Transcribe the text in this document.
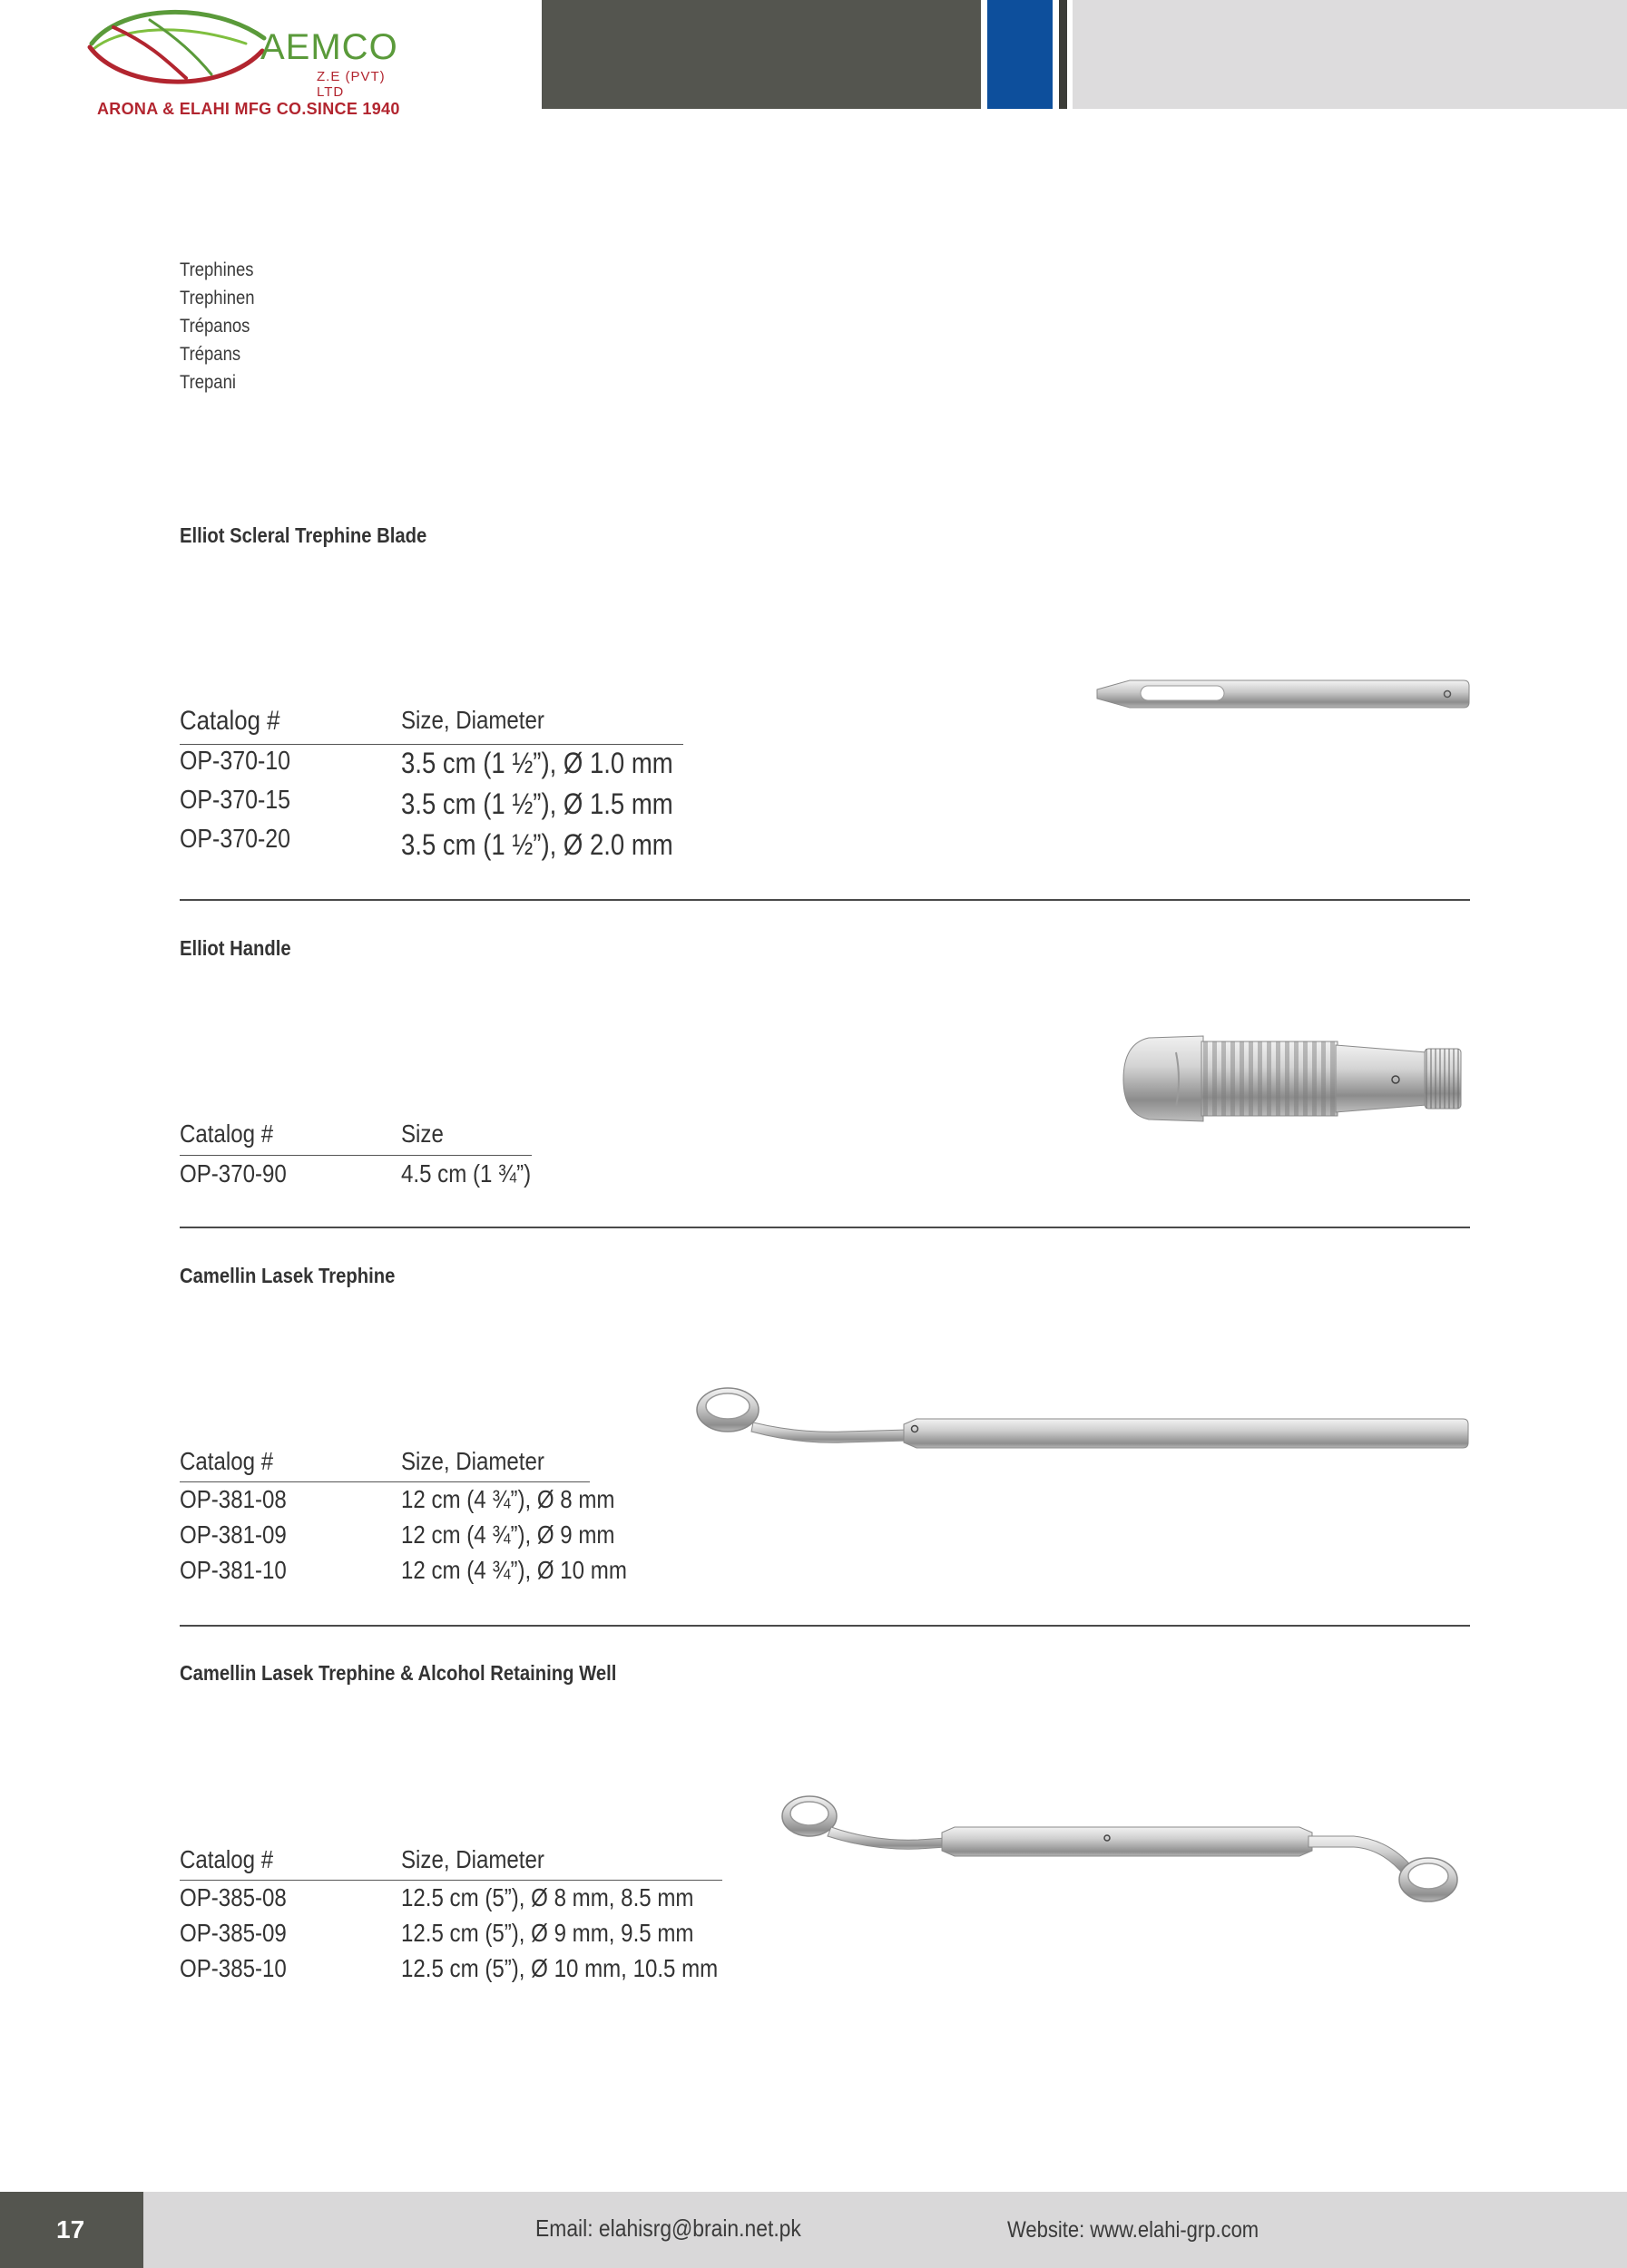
AEMCO
Z.E (PVT) LTD
ARONA & ELAHI MFG CO.SINCE 1940
Trephines
Trephinen
Trépanos
Trépans
Trepani
Elliot Scleral Trephine Blade
Catalog #	Size, Diameter
OP-370-10	3.5 cm (1 ½”), Ø 1.0 mm
OP-370-15	3.5 cm (1 ½”), Ø 1.5 mm
OP-370-20	3.5 cm (1 ½”), Ø 2.0 mm
Elliot Handle
Catalog #	Size
OP-370-90	4.5 cm (1 ¾”)
Camellin Lasek Trephine
Catalog #	Size, Diameter
OP-381-08	12 cm (4 ¾”), Ø 8 mm
OP-381-09	12 cm (4 ¾”), Ø 9 mm
OP-381-10	12 cm (4 ¾”), Ø 10 mm
Camellin Lasek Trephine & Alcohol Retaining Well
Catalog #	Size, Diameter
OP-385-08	12.5 cm (5”), Ø 8 mm, 8.5 mm
OP-385-09	12.5 cm (5”), Ø 9 mm, 9.5 mm
OP-385-10	12.5 cm (5”), Ø 10 mm, 10.5 mm
17	Email: elahisrg@brain.net.pk	Website: www.elahi-grp.com
